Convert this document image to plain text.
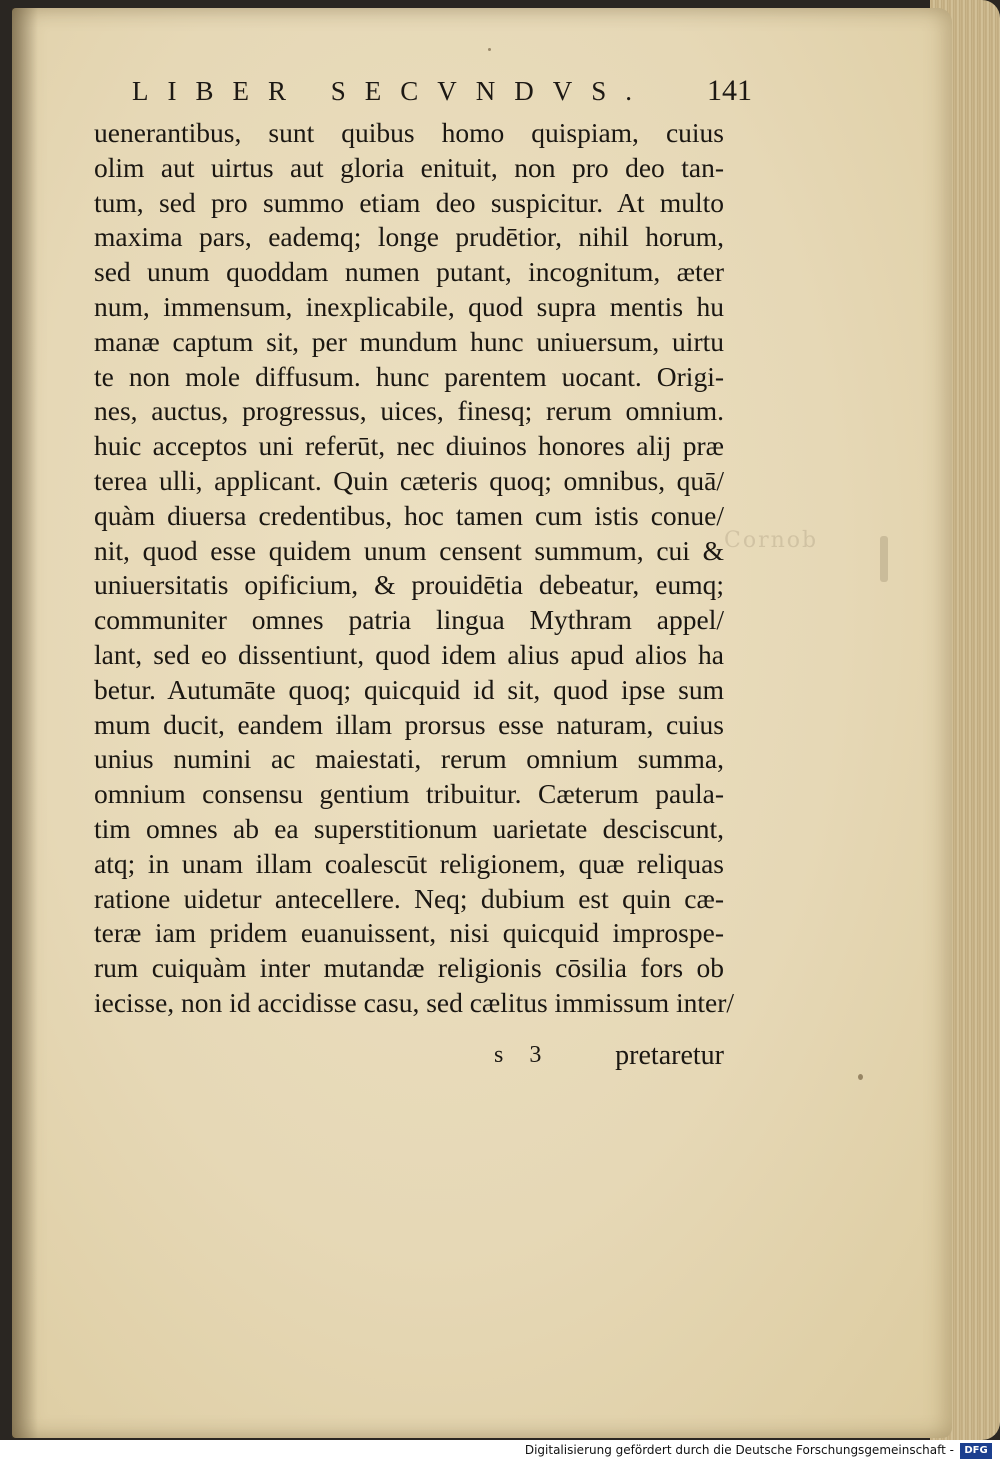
Cornob
LIBER SECVNDVS. 141
uenerantibus, sunt quibus homo quispiam, cuius
olim aut uirtus aut gloria enituit, non pro deo tan-
tum, sed pro summo etiam deo suspicitur. At multo
maxima pars, eademq; longe prudētior, nihil horum,
sed unum quoddam numen putant, incognitum, æter
num, immensum, inexplicabile, quod supra mentis hu
manæ captum sit, per mundum hunc uniuersum, uirtu
te non mole diffusum. hunc parentem uocant. Origi-
nes, auctus, progressus, uices, finesq; rerum omnium.
huic acceptos uni referūt, nec diuinos honores alij præ
terea ulli, applicant. Quin cæteris quoq; omnibus, quā/
quàm diuersa credentibus, hoc tamen cum istis conue/
nit, quod esse quidem unum censent summum, cui &
uniuersitatis opificium, & prouidētia debeatur, eumq;
communiter omnes patria lingua Mythram appel/
lant, sed eo dissentiunt, quod idem alius apud alios ha
betur. Autumāte quoq; quicquid id sit, quod ipse sum
mum ducit, eandem illam prorsus esse naturam, cuius
unius numini ac maiestati, rerum omnium summa,
omnium consensu gentium tribuitur. Cæterum paula-
tim omnes ab ea superstitionum uarietate desciscunt,
atq; in unam illam coalescūt religionem, quæ reliquas
ratione uidetur antecellere. Neq; dubium est quin cæ-
teræ iam pridem euanuissent, nisi quicquid improspe-
rum cuiquàm inter mutandæ religionis cōsilia fors ob
iecisse, non id accidisse casu, sed cælitus immissum inter/
s 3 pretaretur
Digitalisierung gefördert durch die Deutsche Forschungsgemeinschaft -	DFG
